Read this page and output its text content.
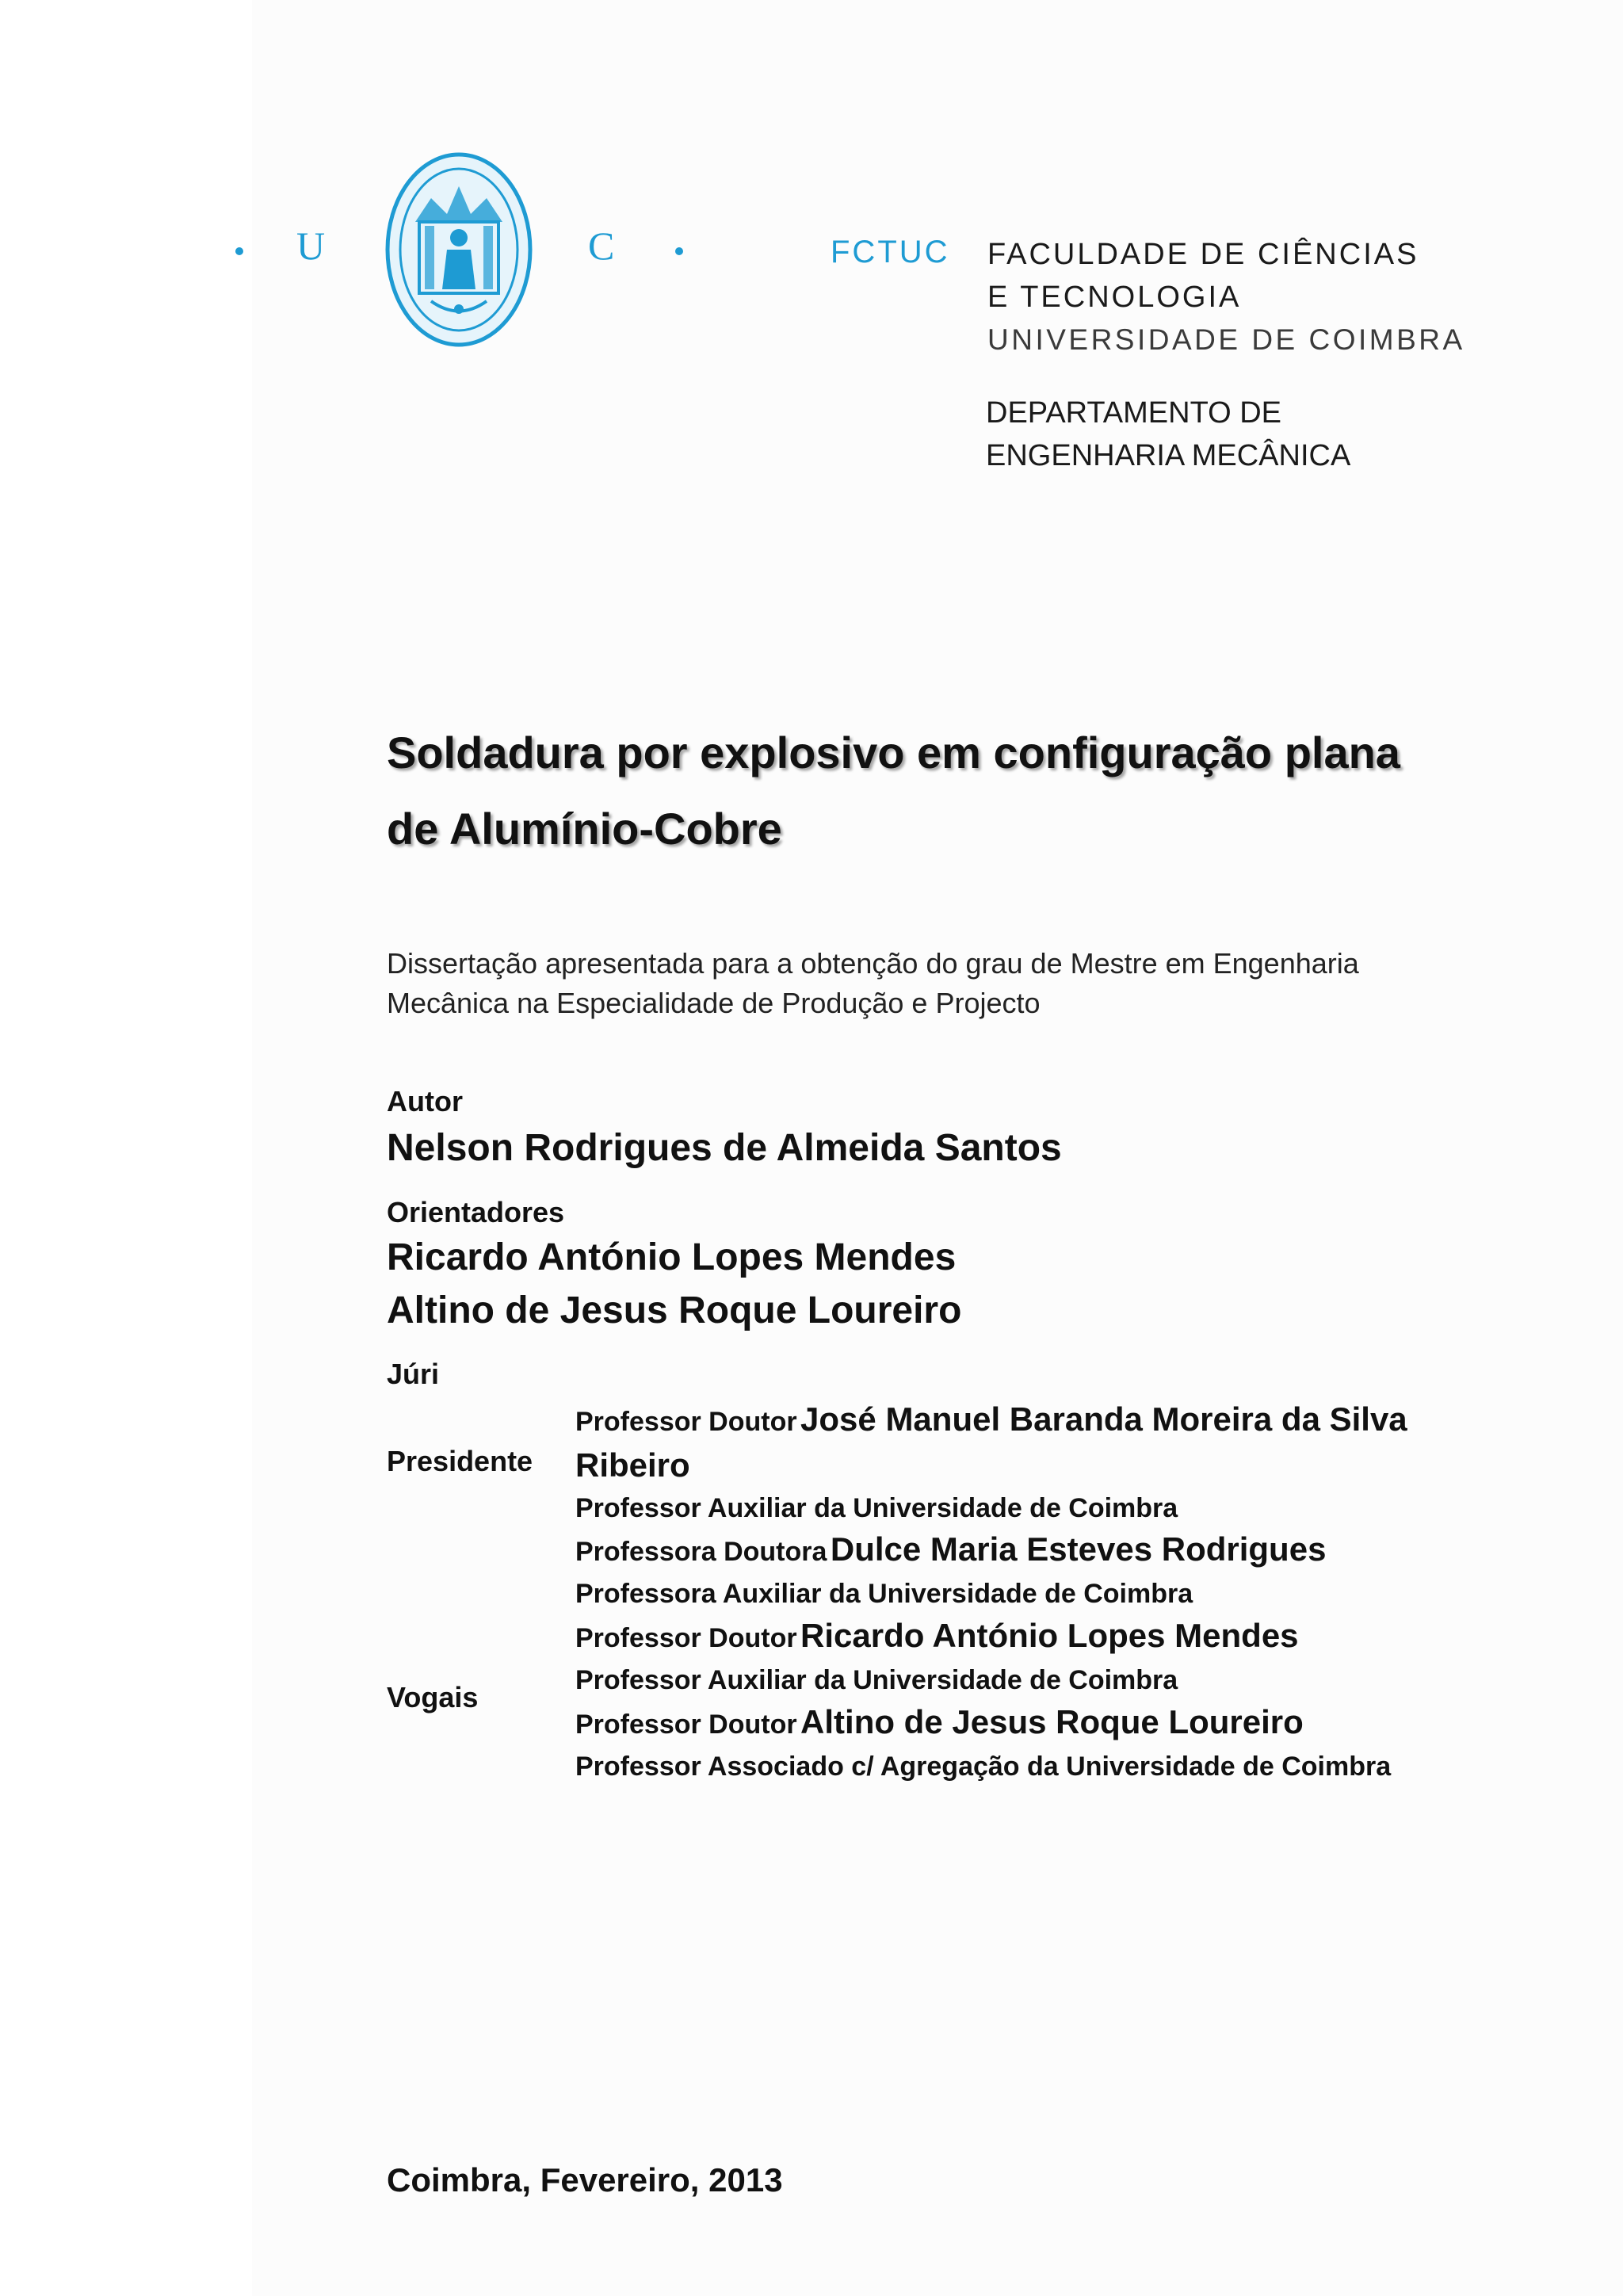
U	C	FCTUC FACULDADE DE CIÊNCIAS
E TECNOLOGIA
UNIVERSIDADE DE COIMBRA
DEPARTAMENTO DE
ENGENHARIA MECÂNICA
Soldadura por explosivo em configuração plana
de Alumínio-Cobre
Dissertação apresentada para a obtenção do grau de Mestre em Engenharia
Mecânica na Especialidade de Produção e Projecto
Autor
Nelson Rodrigues de Almeida Santos
Orientadores
Ricardo António Lopes Mendes
Altino de Jesus Roque Loureiro
Júri
Presidente
Vogais
Professor Doutor José Manuel Baranda Moreira da Silva
Ribeiro
Professor Auxiliar da Universidade de Coimbra
Professora Doutora Dulce Maria Esteves Rodrigues
Professora Auxiliar da Universidade de Coimbra
Professor Doutor Ricardo António Lopes Mendes
Professor Auxiliar da Universidade de Coimbra
Professor Doutor Altino de Jesus Roque Loureiro
Professor Associado c/ Agregação da Universidade de Coimbra
Coimbra, Fevereiro, 2013
